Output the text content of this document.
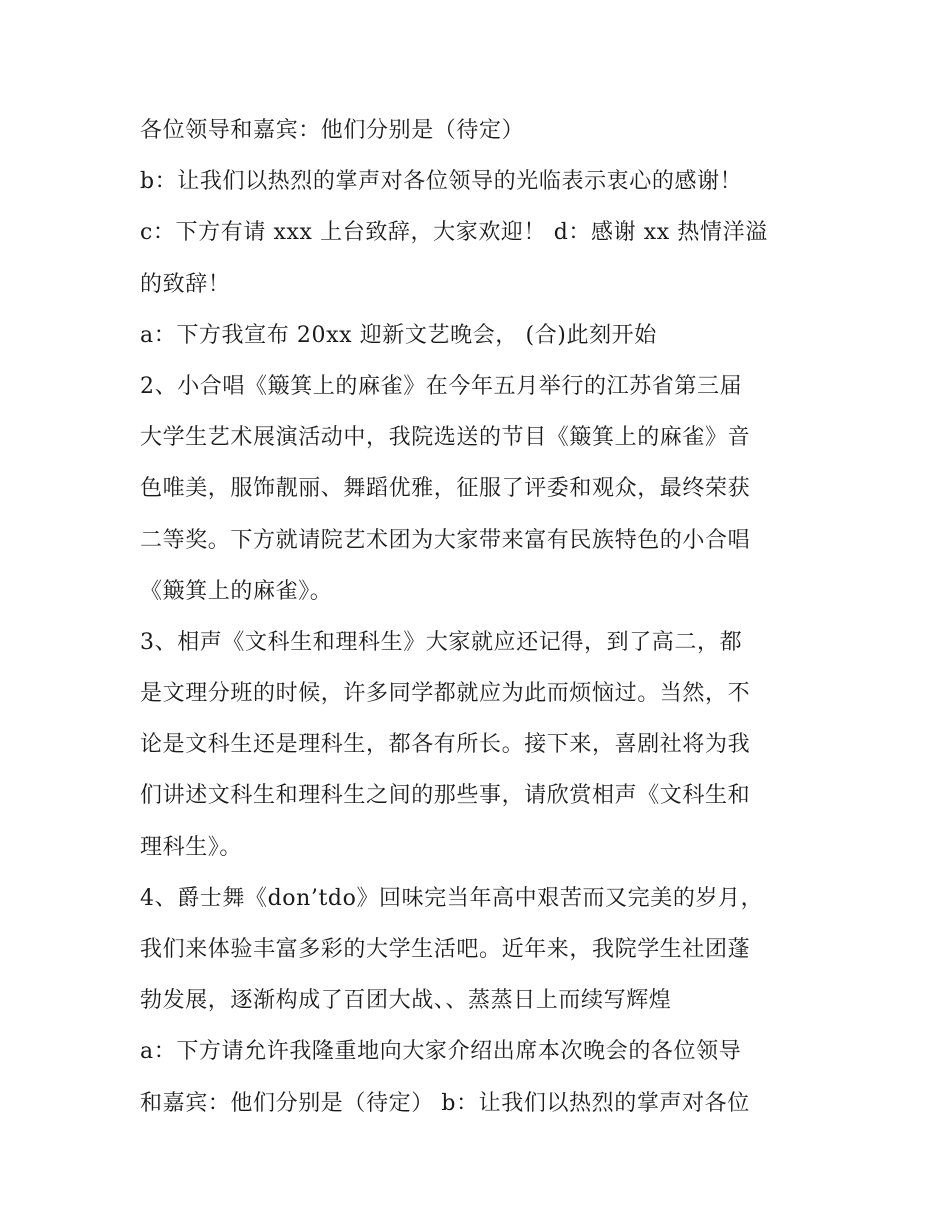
各位领导和嘉宾：他们分别是（待定）
b：让我们以热烈的掌声对各位领导的光临表示衷心的感谢！
c：下方有请 xxx 上台致辞，大家欢迎！ d：感谢 xx 热情洋溢
的致辞！
a：下方我宣布 20xx 迎新文艺晚会， (合)此刻开始
2、小合唱《簸箕上的麻雀》在今年五月举行的江苏省第三届
大学生艺术展演活动中，我院选送的节目《簸箕上的麻雀》音
色唯美，服饰靓丽、舞蹈优雅，征服了评委和观众，最终荣获
二等奖。下方就请院艺术团为大家带来富有民族特色的小合唱
《簸箕上的麻雀》。
3、相声《文科生和理科生》大家就应还记得，到了高二，都
是文理分班的时候，许多同学都就应为此而烦恼过。当然，不
论是文科生还是理科生，都各有所长。接下来，喜剧社将为我
们讲述文科生和理科生之间的那些事，请欣赏相声《文科生和
理科生》。
4、爵士舞《don’tdo》回味完当年高中艰苦而又完美的岁月，
我们来体验丰富多彩的大学生活吧。近年来，我院学生社团蓬
勃发展，逐渐构成了百团大战、、蒸蒸日上而续写辉煌
a：下方请允许我隆重地向大家介绍出席本次晚会的各位领导
和嘉宾：他们分别是（待定） b：让我们以热烈的掌声对各位
